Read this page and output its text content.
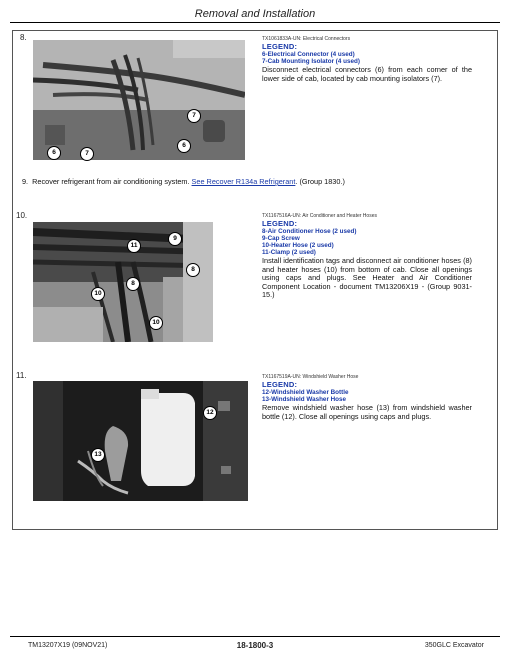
Removal and Installation
8.
6	7
7
6
TX1061833A-UN: Electrical Connectors
LEGEND:
6-Electrical Connector (4 used)
7-Cab Mounting Isolator (4 used)
Disconnect electrical connectors (6) from each corner of the lower side of cab, located by cab mounting isolators (7).
9. Recover refrigerant from air conditioning system. See Recover R134a Refrigerant. (Group 1830.)
10.
11
9
8
8
10
10
TX1167516A-UN: Air Conditioner and Heater Hoses
LEGEND:
8-Air Conditioner Hose (2 used)
9-Cap Screw
10-Heater Hose (2 used)
11-Clamp (2 used)
Install identification tags and disconnect air conditioner hoses (8) and heater hoses (10) from bottom of cab. Close all openings using caps and plugs. See Heater and Air Conditioner Component Location - document TM13206X19 - (Group 9031-15.)
11.
12
13
TX1167519A-UN: Windshield Washer Hose
LEGEND:
12-Windshield Washer Bottle
13-Windshield Washer Hose
Remove windshield washer hose (13) from windshield washer bottle (12). Close all openings using caps and plugs.
TM13207X19 (09NOV21)	18-1800-3	350GLC Excavator
